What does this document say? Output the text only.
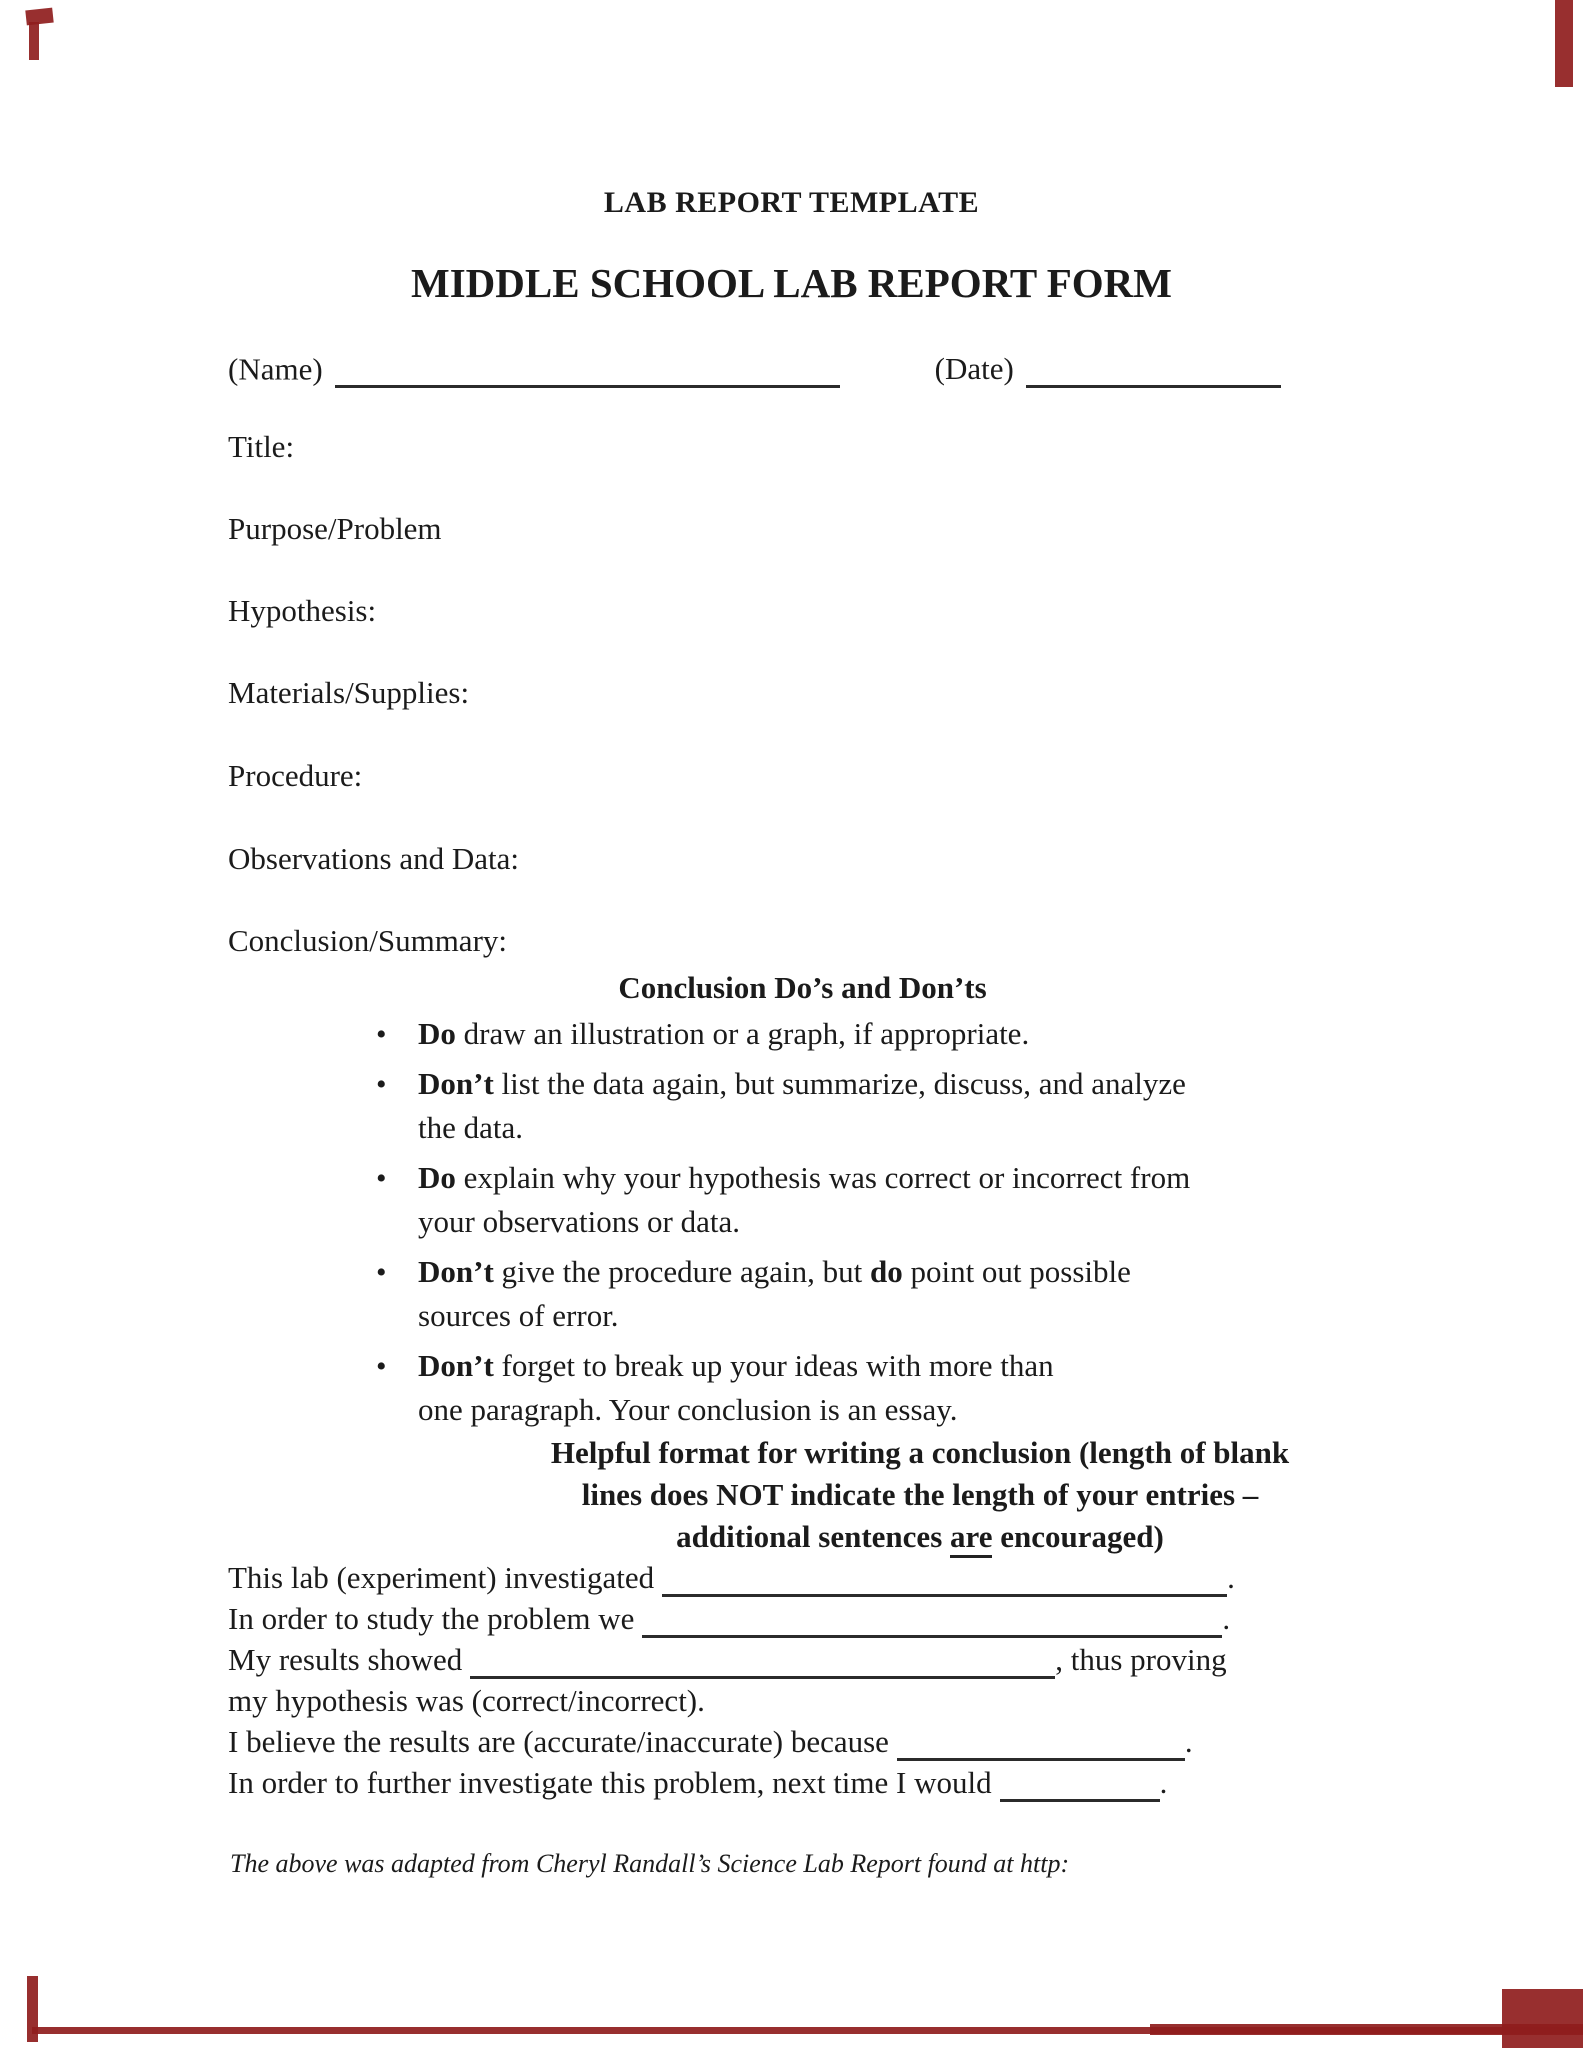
LAB REPORT TEMPLATE
MIDDLE SCHOOL LAB REPORT FORM
(Name)	(Date)
Title:
Purpose/Problem
Hypothesis:
Materials/Supplies:
Procedure:
Observations and Data:
Conclusion/Summary:
Conclusion Do’s and Don’ts
• Do draw an illustration or a graph, if appropriate.
• Don’t list the data again, but summarize, discuss, and analyze
the data.
• Do explain why your hypothesis was correct or incorrect from
your observations or data.
• Don’t give the procedure again, but do point out possible
sources of error.
• Don’t forget to break up your ideas with more than
one paragraph. Your conclusion is an essay.
Helpful format for writing a conclusion (length of blank
lines does NOT indicate the length of your entries –
additional sentences are encouraged)
This lab (experiment) investigated	.
In order to study the problem we	.
My results showed	, thus proving
my hypothesis was (correct/incorrect).
I believe the results are (accurate/inaccurate) because	.
In order to further investigate this problem, next time I would	.
The above was adapted from Cheryl Randall’s Science Lab Report found at http:
